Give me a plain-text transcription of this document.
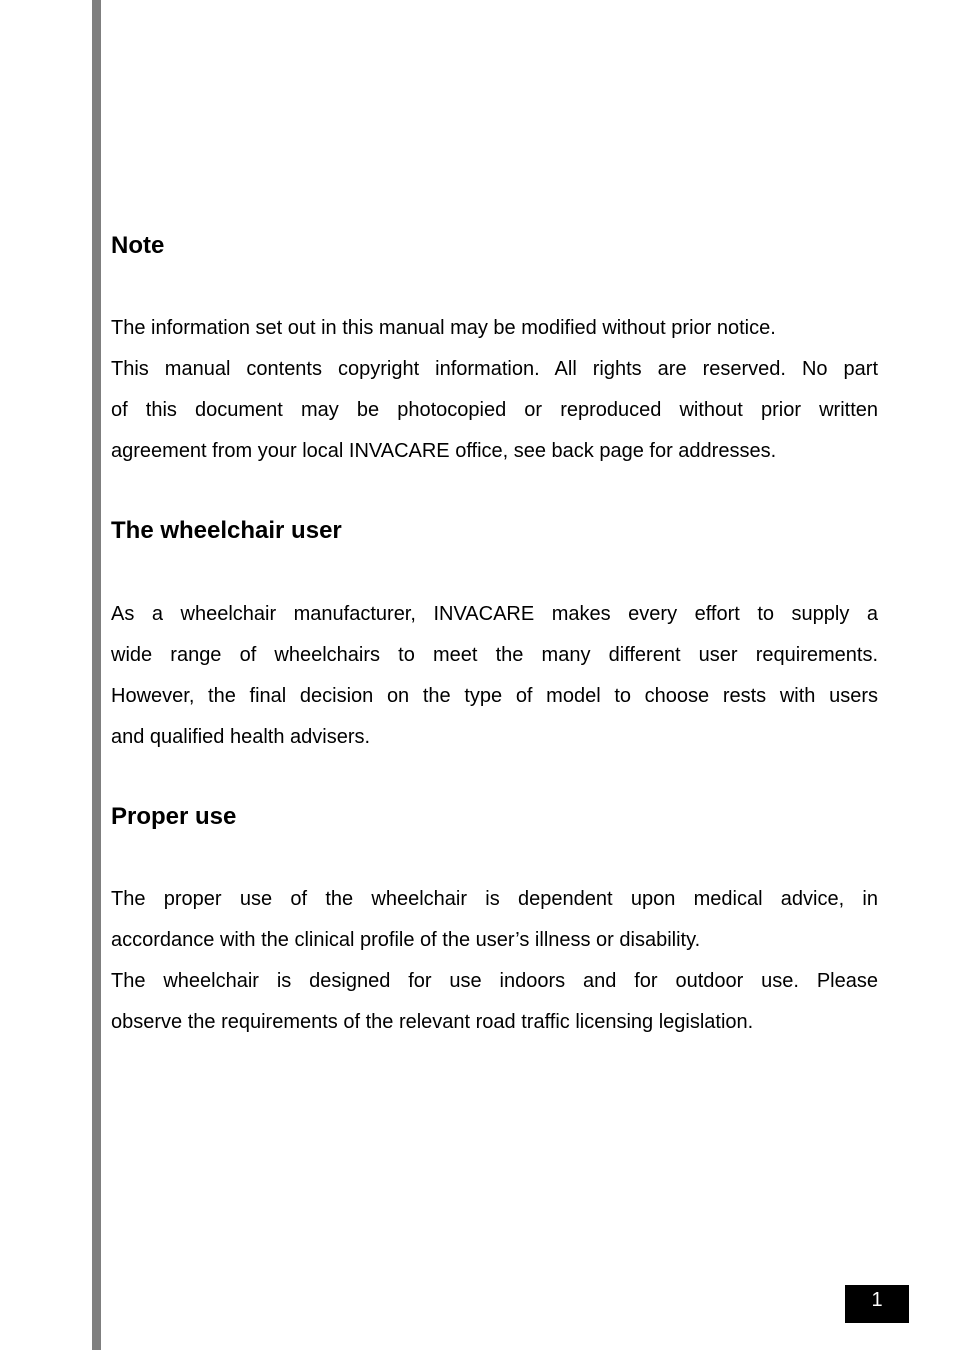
Note
The information set out in this manual may be modified without prior notice.
This manual contents copyright information. All rights are reserved. No part
of this document may be photocopied or reproduced without prior written
agreement from your local INVACARE office, see back page for addresses.
The wheelchair user
As a wheelchair manufacturer, INVACARE makes every effort to supply a
wide range of wheelchairs to meet the many different user requirements.
However, the final decision on the type of model to choose rests with users
and qualified health advisers.
Proper use
The proper use of the wheelchair is dependent upon medical advice, in
accordance with the clinical profile of the user’s illness or disability.
The wheelchair is designed for use indoors and for outdoor use. Please
observe the requirements of the relevant road traffic licensing legislation.
1
